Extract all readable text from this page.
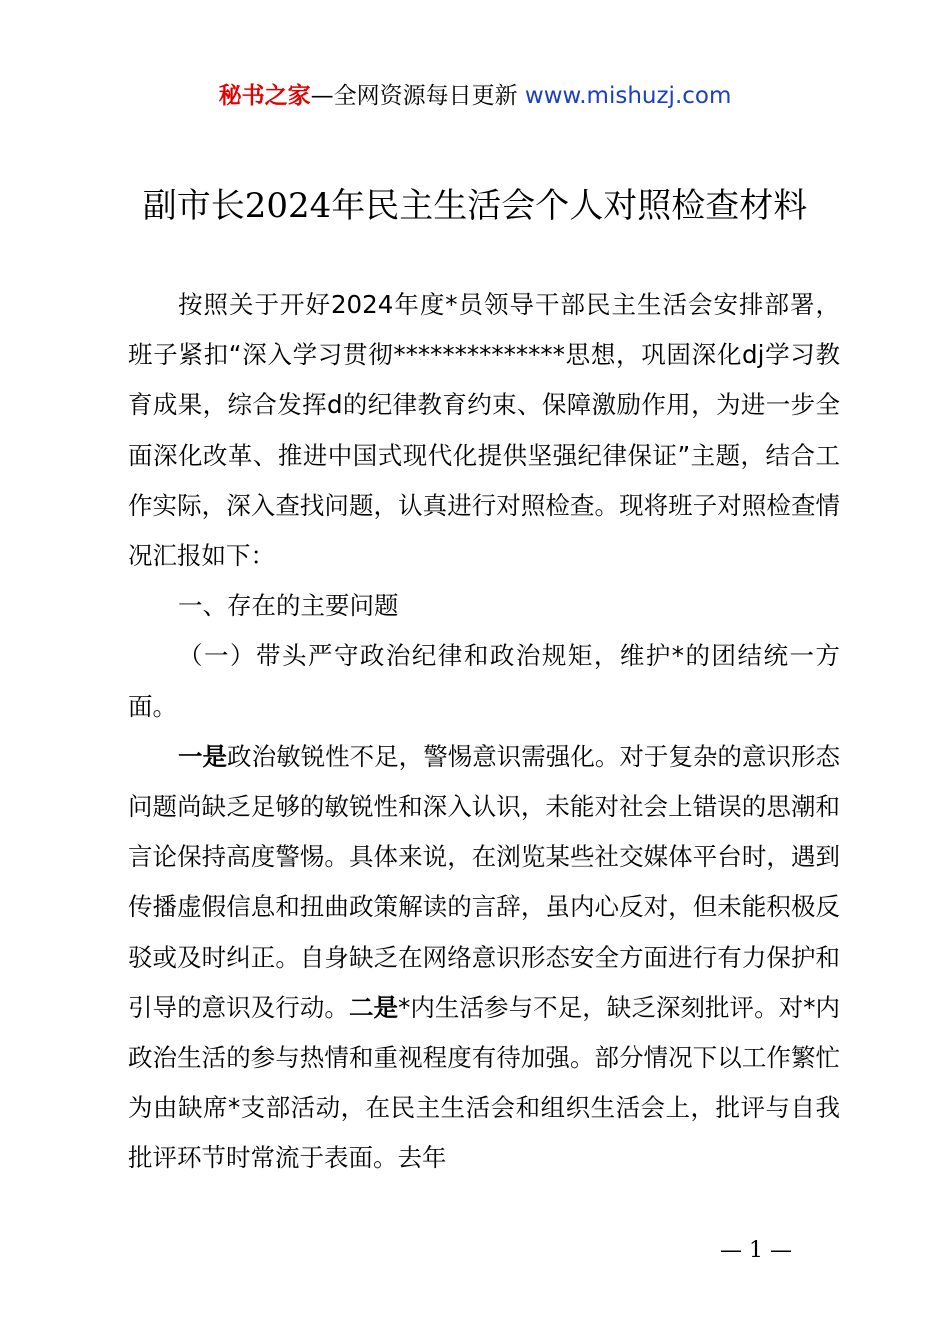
秘书之家—全网资源每日更新 www.mishuzj.com
副市长2024年民主生活会个人对照检查材料

按照关于开好2024年度*员领导干部民主生活会安排部署，班子紧扣“深入学习贯彻**************思想，巩固深化dj学习教育成果，综合发挥d的纪律教育约束、保障激励作用，为进一步全面深化改革、推进中国式现代化提供坚强纪律保证”主题，结合工作实际，深入查找问题，认真进行对照检查。现将班子对照检查情况汇报如下：

一、存在的主要问题

（一）带头严守政治纪律和政治规矩，维护*的团结统一方面。

一是政治敏锐性不足，警惕意识需强化。对于复杂的意识形态问题尚缺乏足够的敏锐性和深入认识，未能对社会上错误的思潮和言论保持高度警惕。具体来说，在浏览某些社交媒体平台时，遇到传播虚假信息和扭曲政策解读的言辞，虽内心反对，但未能积极反驳或及时纠正。自身缺乏在网络意识形态安全方面进行有力保护和引导的意识及行动。二是*内生活参与不足，缺乏深刻批评。对*内政治生活的参与热情和重视程度有待加强。部分情况下以工作繁忙为由缺席*支部活动，在民主生活会和组织生活会上，批评与自我批评环节时常流于表面。去年

— 1 —
